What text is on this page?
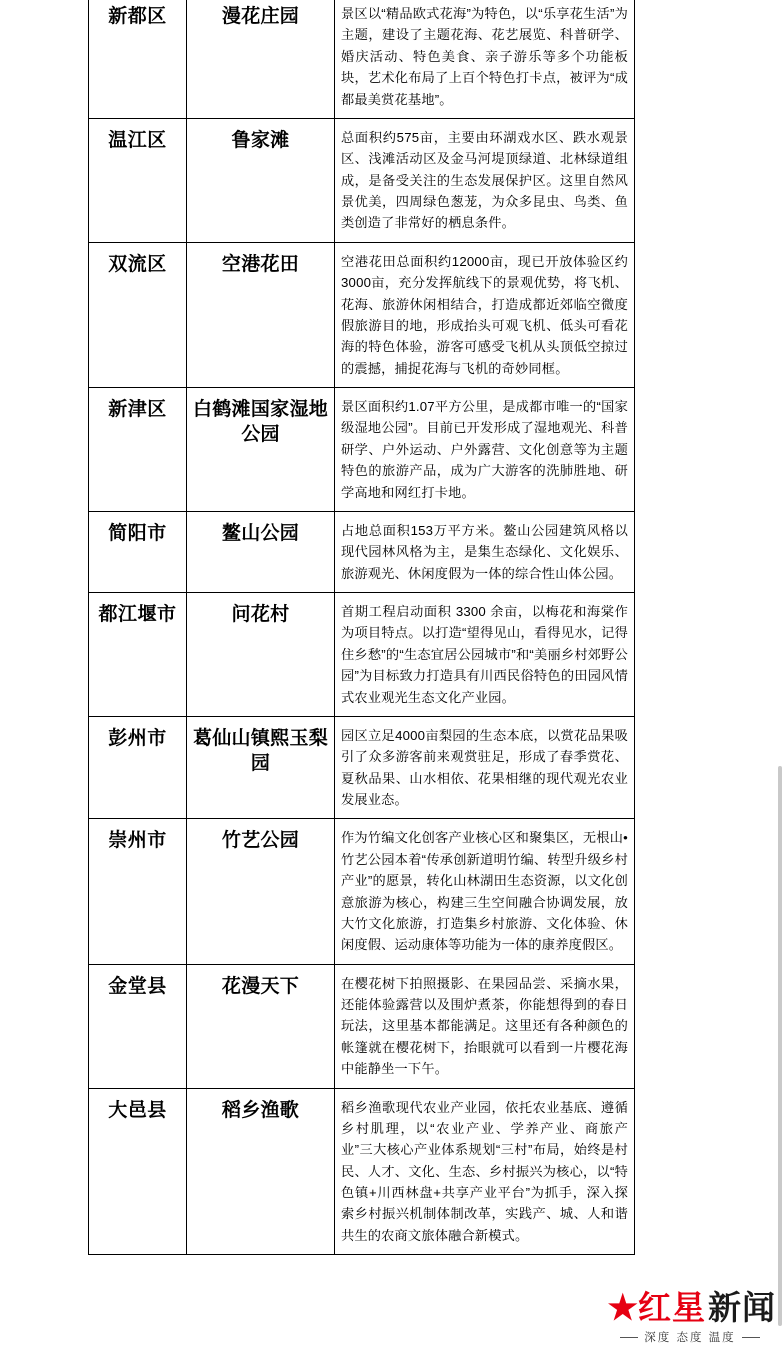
新都区	漫花庄园	景区以“精品欧式花海”为特色，以“乐享花生活”为主题，建设了主题花海、花艺展览、科普研学、婚庆活动、特色美食、亲子游乐等多个功能板块，艺术化布局了上百个特色打卡点，被评为“成都最美赏花基地”。

温江区	鲁家滩	总面积约575亩，主要由环湖戏水区、跌水观景区、浅滩活动区及金马河堤顶绿道、北林绿道组成，是备受关注的生态发展保护区。这里自然风景优美，四周绿色葱茏，为众多昆虫、鸟类、鱼类创造了非常好的栖息条件。

双流区	空港花田	空港花田总面积约12000亩，现已开放体验区约3000亩，充分发挥航线下的景观优势，将飞机、花海、旅游休闲相结合，打造成都近郊临空微度假旅游目的地，形成抬头可观飞机、低头可看花海的特色体验，游客可感受飞机从头顶低空掠过的震撼，捕捉花海与飞机的奇妙同框。

新津区	白鹤滩国家湿地公园	景区面积约1.07平方公里，是成都市唯一的“国家级湿地公园”。目前已开发形成了湿地观光、科普研学、户外运动、户外露营、文化创意等为主题特色的旅游产品，成为广大游客的洗肺胜地、研学高地和网红打卡地。

简阳市	鳌山公园	占地总面积153万平方米。鳌山公园建筑风格以现代园林风格为主，是集生态绿化、文化娱乐、旅游观光、休闲度假为一体的综合性山体公园。

都江堰市	问花村	首期工程启动面积 3300 余亩，以梅花和海棠作为项目特点。以打造“望得见山，看得见水，记得住乡愁”的“生态宜居公园城市”和“美丽乡村郊野公园”为目标致力打造具有川西民俗特色的田园风情式农业观光生态文化产业园。

彭州市	葛仙山镇熙玉梨园	园区立足4000亩梨园的生态本底，以赏花品果吸引了众多游客前来观赏驻足，形成了春季赏花、夏秋品果、山水相依、花果相继的现代观光农业发展业态。

崇州市	竹艺公园	作为竹编文化创客产业核心区和聚集区，无根山•竹艺公园本着“传承创新道明竹编、转型升级乡村产业”的愿景，转化山林湖田生态资源，以文化创意旅游为核心，构建三生空间融合协调发展，放大竹文化旅游，打造集乡村旅游、文化体验、休闲度假、运动康体等功能为一体的康养度假区。

金堂县	花漫天下	在樱花树下拍照摄影、在果园品尝、采摘水果，还能体验露营以及围炉煮茶，你能想得到的春日玩法，这里基本都能满足。这里还有各种颜色的帐篷就在樱花树下，抬眼就可以看到一片樱花海中能静坐一下午。

大邑县	稻乡渔歌	稻乡渔歌现代农业产业园，依托农业基底、遵循乡村肌理，以“农业产业、学养产业、商旅产业”三大核心产业体系规划“三村”布局，始终是村民、人才、文化、生态、乡村振兴为核心，以“特色镇+川西林盘+共享产业平台”为抓手，深入探索乡村振兴机制体制改革，实践产、城、人和谐共生的农商文旅体融合新模式。
★ 红星 新闻
深度 态度 温度
